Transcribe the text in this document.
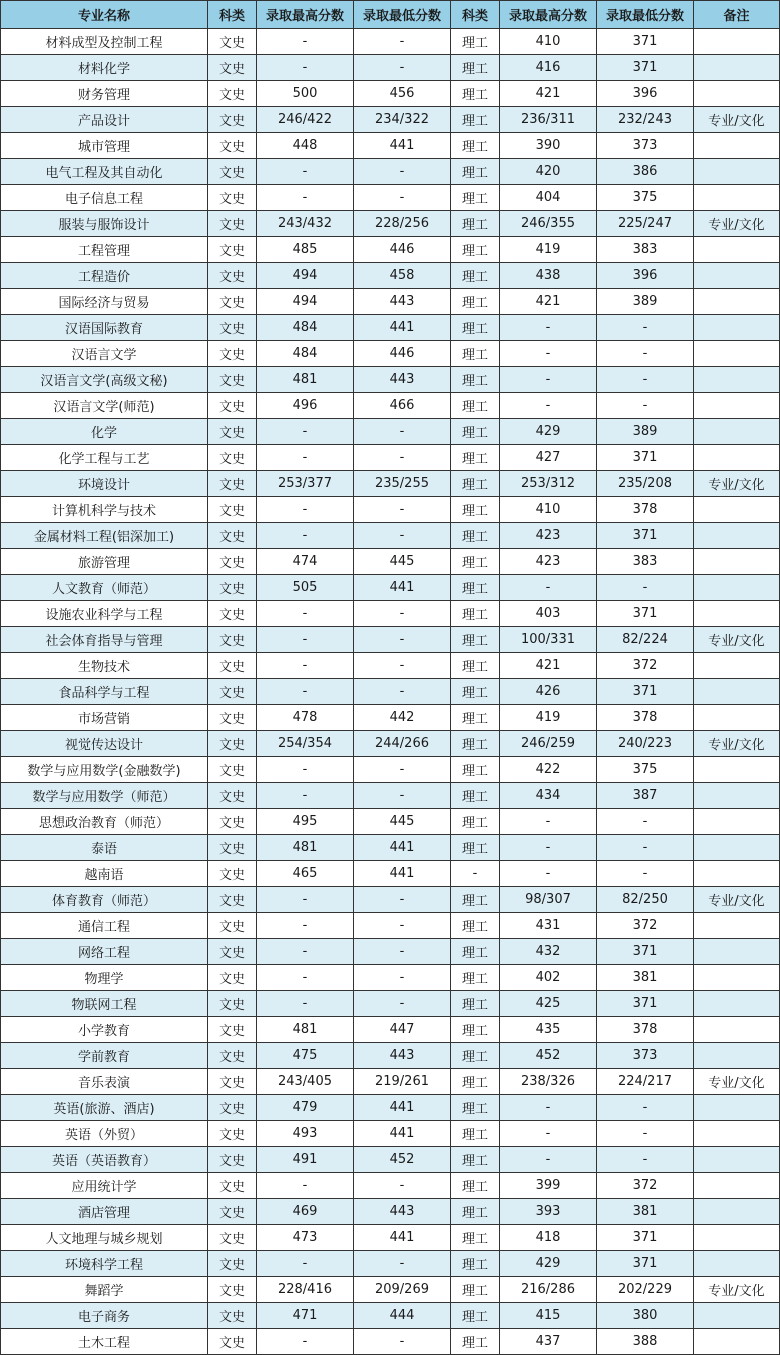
专业名称	科类	录取最高分数	录取最低分数	科类	录取最高分数	录取最低分数	备注
材料成型及控制工程	文史	-	-	理工	410	371	
材料化学	文史	-	-	理工	416	371	
财务管理	文史	500	456	理工	421	396	
产品设计	文史	246/422	234/322	理工	236/311	232/243	专业/文化
城市管理	文史	448	441	理工	390	373	
电气工程及其自动化	文史	-	-	理工	420	386	
电子信息工程	文史	-	-	理工	404	375	
服装与服饰设计	文史	243/432	228/256	理工	246/355	225/247	专业/文化
工程管理	文史	485	446	理工	419	383	
工程造价	文史	494	458	理工	438	396	
国际经济与贸易	文史	494	443	理工	421	389	
汉语国际教育	文史	484	441	理工	-	-	
汉语言文学	文史	484	446	理工	-	-	
汉语言文学(高级文秘)	文史	481	443	理工	-	-	
汉语言文学(师范)	文史	496	466	理工	-	-	
化学	文史	-	-	理工	429	389	
化学工程与工艺	文史	-	-	理工	427	371	
环境设计	文史	253/377	235/255	理工	253/312	235/208	专业/文化
计算机科学与技术	文史	-	-	理工	410	378	
金属材料工程(铝深加工)	文史	-	-	理工	423	371	
旅游管理	文史	474	445	理工	423	383	
人文教育（师范）	文史	505	441	理工	-	-	
设施农业科学与工程	文史	-	-	理工	403	371	
社会体育指导与管理	文史	-	-	理工	100/331	82/224	专业/文化
生物技术	文史	-	-	理工	421	372	
食品科学与工程	文史	-	-	理工	426	371	
市场营销	文史	478	442	理工	419	378	
视觉传达设计	文史	254/354	244/266	理工	246/259	240/223	专业/文化
数学与应用数学(金融数学)	文史	-	-	理工	422	375	
数学与应用数学（师范）	文史	-	-	理工	434	387	
思想政治教育（师范）	文史	495	445	理工	-	-	
泰语	文史	481	441	理工	-	-	
越南语	文史	465	441	-	-	-	
体育教育（师范）	文史	-	-	理工	98/307	82/250	专业/文化
通信工程	文史	-	-	理工	431	372	
网络工程	文史	-	-	理工	432	371	
物理学	文史	-	-	理工	402	381	
物联网工程	文史	-	-	理工	425	371	
小学教育	文史	481	447	理工	435	378	
学前教育	文史	475	443	理工	452	373	
音乐表演	文史	243/405	219/261	理工	238/326	224/217	专业/文化
英语(旅游、酒店)	文史	479	441	理工	-	-	
英语（外贸）	文史	493	441	理工	-	-	
英语（英语教育）	文史	491	452	理工	-	-	
应用统计学	文史	-	-	理工	399	372	
酒店管理	文史	469	443	理工	393	381	
人文地理与城乡规划	文史	473	441	理工	418	371	
环境科学工程	文史	-	-	理工	429	371	
舞蹈学	文史	228/416	209/269	理工	216/286	202/229	专业/文化
电子商务	文史	471	444	理工	415	380	
土木工程	文史	-	-	理工	437	388	
